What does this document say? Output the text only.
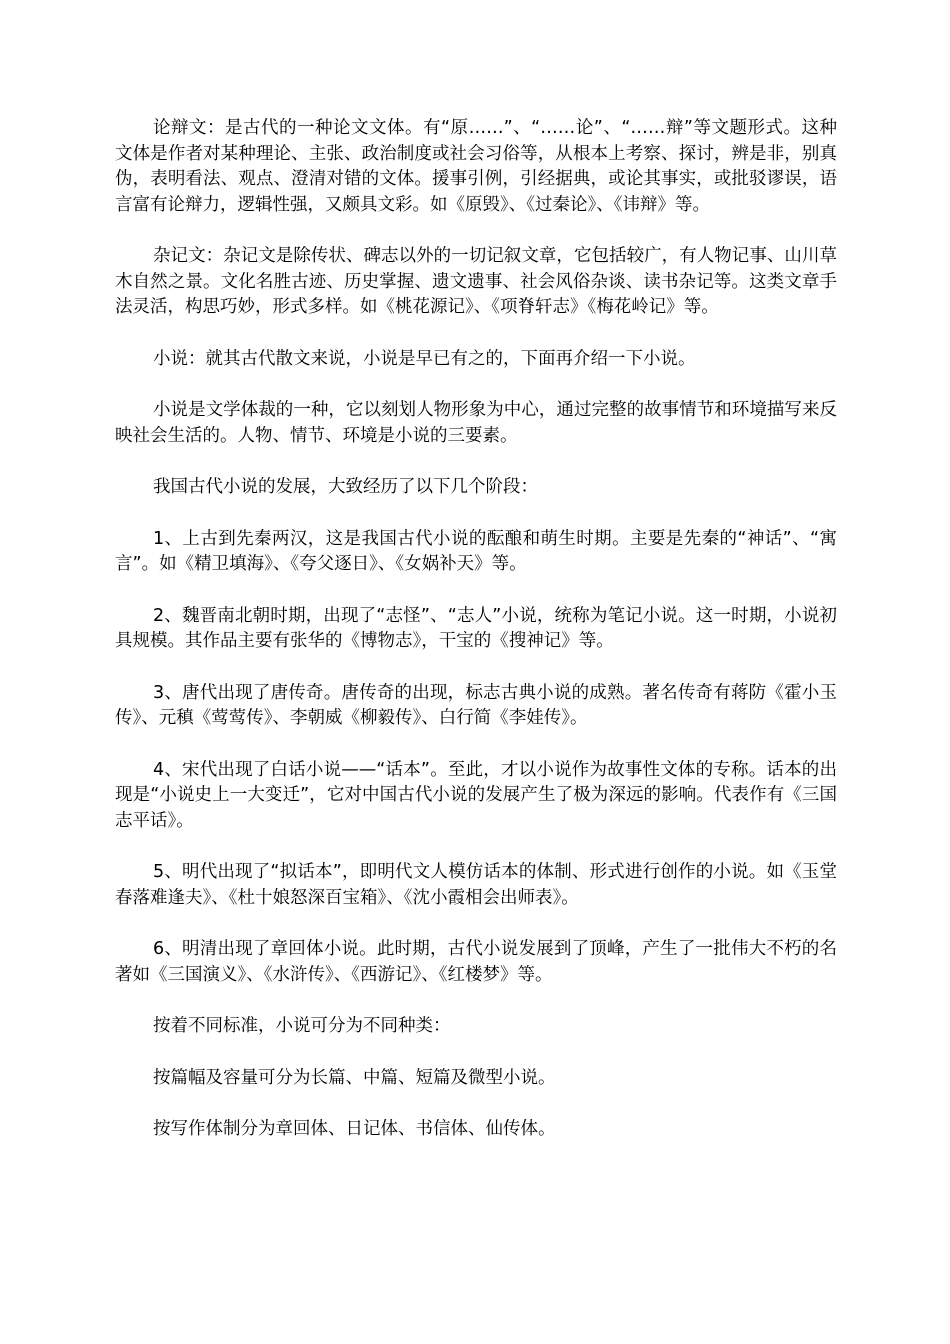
论辩文：是古代的一种论文文体。有“原……”、“……论”、“……辩”等文题形式。这种文体是作者对某种理论、主张、政治制度或社会习俗等，从根本上考察、探讨，辨是非，别真伪，表明看法、观点、澄清对错的文体。援事引例，引经据典，或论其事实，或批驳谬误，语言富有论辩力，逻辑性强，又颇具文彩。如《原毁》、《过秦论》、《讳辩》等。

杂记文：杂记文是除传状、碑志以外的一切记叙文章，它包括较广，有人物记事、山川草木自然之景。文化名胜古迹、历史掌握、遗文遗事、社会风俗杂谈、读书杂记等。这类文章手法灵活，构思巧妙，形式多样。如《桃花源记》、《项脊轩志》《梅花岭记》等。

小说：就其古代散文来说，小说是早已有之的，下面再介绍一下小说。

小说是文学体裁的一种，它以刻划人物形象为中心，通过完整的故事情节和环境描写来反映社会生活的。人物、情节、环境是小说的三要素。

我国古代小说的发展，大致经历了以下几个阶段：

1、上古到先秦两汉，这是我国古代小说的酝酿和萌生时期。主要是先秦的“神话”、“寓言”。如《精卫填海》、《夸父逐日》、《女娲补天》等。

2、魏晋南北朝时期，出现了“志怪”、“志人”小说，统称为笔记小说。这一时期，小说初具规模。其作品主要有张华的《博物志》，干宝的《搜神记》等。

3、唐代出现了唐传奇。唐传奇的出现，标志古典小说的成熟。著名传奇有蒋防《霍小玉传》、元稹《莺莺传》、李朝威《柳毅传》、白行简《李娃传》。

4、宋代出现了白话小说——“话本”。至此，才以小说作为故事性文体的专称。话本的出现是“小说史上一大变迁”，它对中国古代小说的发展产生了极为深远的影响。代表作有《三国志平话》。

5、明代出现了“拟话本”，即明代文人模仿话本的体制、形式进行创作的小说。如《玉堂春落难逢夫》、《杜十娘怒深百宝箱》、《沈小霞相会出师表》。

6、明清出现了章回体小说。此时期，古代小说发展到了顶峰，产生了一批伟大不朽的名著如《三国演义》、《水浒传》、《西游记》、《红楼梦》等。

按着不同标准，小说可分为不同种类：

按篇幅及容量可分为长篇、中篇、短篇及微型小说。

按写作体制分为章回体、日记体、书信体、仙传体。
